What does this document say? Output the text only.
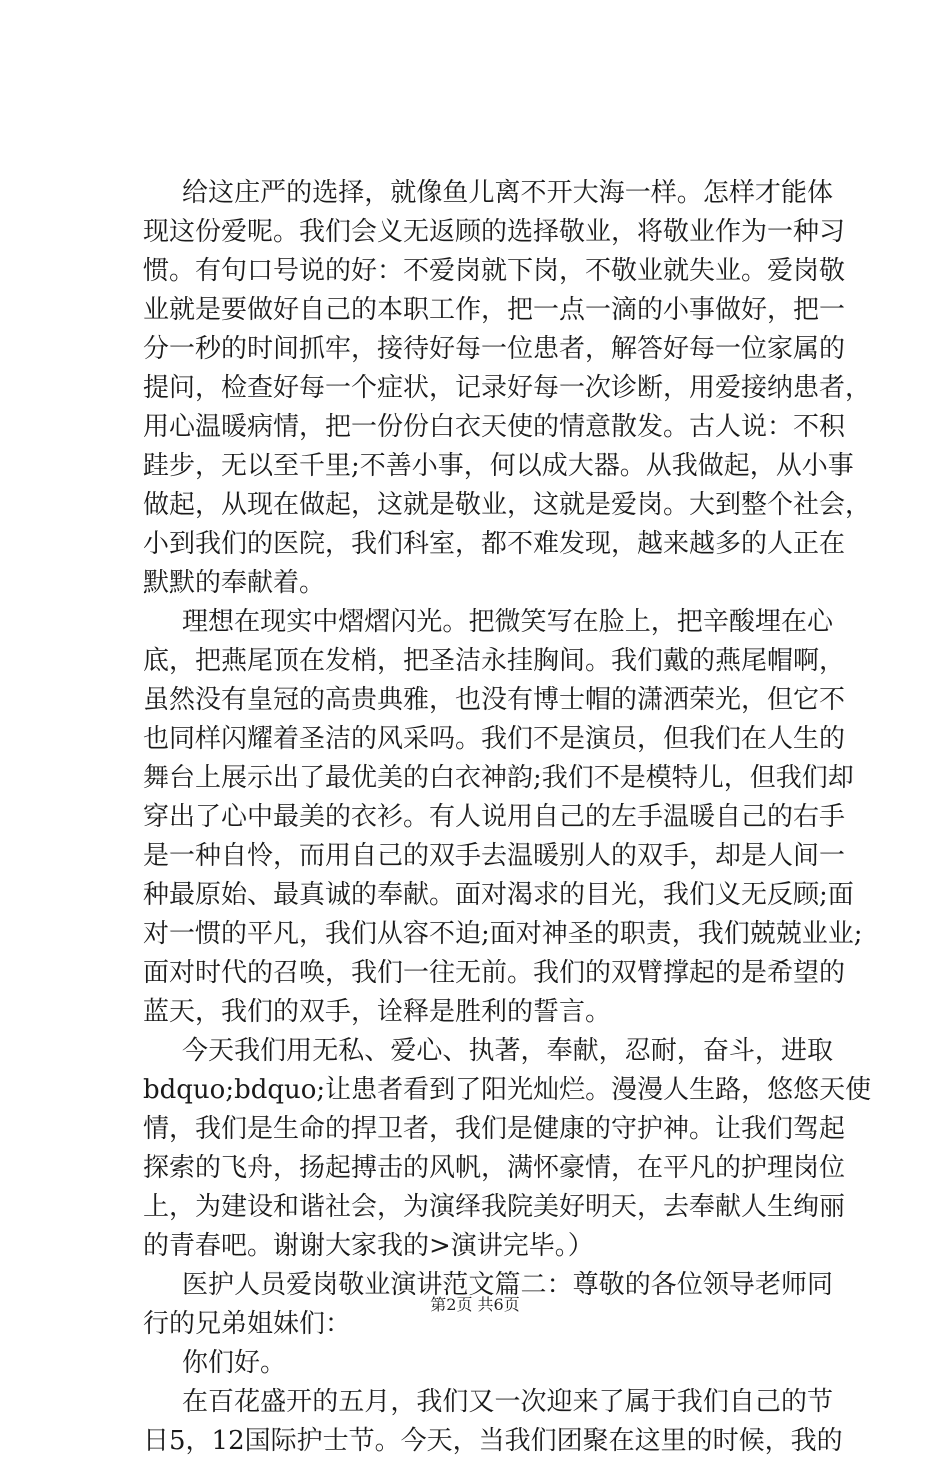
给这庄严的选择，就像鱼儿离不开大海一样。怎样才能体
现这份爱呢。我们会义无返顾的选择敬业，将敬业作为一种习
惯。有句口号说的好：不爱岗就下岗，不敬业就失业。爱岗敬
业就是要做好自己的本职工作，把一点一滴的小事做好，把一
分一秒的时间抓牢，接待好每一位患者，解答好每一位家属的
提问，检查好每一个症状，记录好每一次诊断，用爱接纳患者，
用心温暖病情，把一份份白衣天使的情意散发。古人说：不积
跬步，无以至千里;不善小事，何以成大器。从我做起，从小事
做起，从现在做起，这就是敬业，这就是爱岗。大到整个社会，
小到我们的医院，我们科室，都不难发现，越来越多的人正在
默默的奉献着。
理想在现实中熠熠闪光。把微笑写在脸上，把辛酸埋在心
底，把燕尾顶在发梢，把圣洁永挂胸间。我们戴的燕尾帽啊，
虽然没有皇冠的高贵典雅，也没有博士帽的潇洒荣光，但它不
也同样闪耀着圣洁的风采吗。我们不是演员，但我们在人生的
舞台上展示出了最优美的白衣神韵;我们不是模特儿，但我们却
穿出了心中最美的衣衫。有人说用自己的左手温暖自己的右手
是一种自怜，而用自己的双手去温暖别人的双手，却是人间一
种最原始、最真诚的奉献。面对渴求的目光，我们义无反顾;面
对一惯的平凡，我们从容不迫;面对神圣的职责，我们兢兢业业;
面对时代的召唤，我们一往无前。我们的双臂撑起的是希望的
蓝天，我们的双手，诠释是胜利的誓言。
今天我们用无私、爱心、执著，奉献，忍耐，奋斗，进取
bdquo;bdquo;让患者看到了阳光灿烂。漫漫人生路，悠悠天使
情，我们是生命的捍卫者，我们是健康的守护神。让我们驾起
探索的飞舟，扬起搏击的风帆，满怀豪情，在平凡的护理岗位
上，为建设和谐社会，为演绎我院美好明天，去奉献人生绚丽
的青春吧。谢谢大家我的>演讲完毕。）
医护人员爱岗敬业演讲范文篇二：尊敬的各位领导老师同
行的兄弟姐妹们：
你们好。
在百花盛开的五月，我们又一次迎来了属于我们自己的节
日5，12国际护士节。今天，当我们团聚在这里的时候，我的
第2页 共6页
